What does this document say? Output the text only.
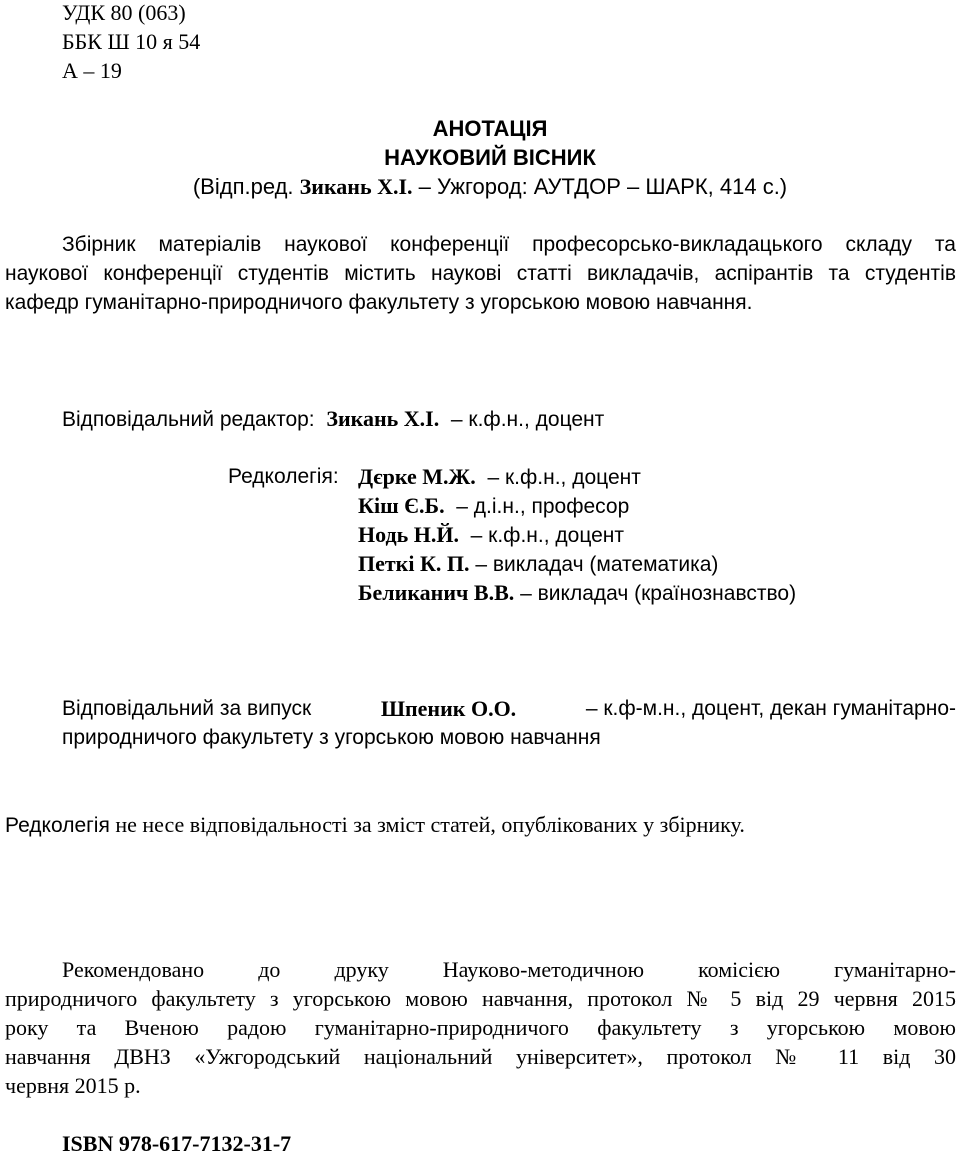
УДК 80 (063)
ББК Ш 10 я 54
А – 19
АНОТАЦІЯ
НАУКОВИЙ ВІСНИК
(Відп.ред. Зикань Х.І. – Ужгород: АУТДОР – ШАРК, 414 с.)
Збірник матеріалів наукової конференції професорсько-викладацького складу та
наукової конференції студентів містить наукові статті викладачів, аспірантів та студентів
кафедр гуманітарно-природничого факультету з угорською мовою навчання.
Відповідальний редактор: Зикань Х.І. – к.ф.н., доцент
Редколегія: Дєрке М.Ж. – к.ф.н., доцент
Кіш Є.Б. – д.і.н., професор
Нодь Н.Й. – к.ф.н., доцент
Петкі К. П. – викладач (математика)
Беликанич В.В. – викладач (країнознавство)
Відповідальний за випуск	Шпеник О.О.	– к.ф-м.н., доцент, декан гуманітарно-
природничого факультету з угорською мовою навчання
Редколегія не несе відповідальності за зміст статей, опублікованих у збірнику.
Рекомендовано до друку Науково-методичною комісією гуманітарно-
природничого факультету з угорською мовою навчання, протокол № 5 від 29 червня 2015
року та Вченою радою гуманітарно-природничого факультету з угорською мовою
навчання ДВНЗ «Ужгородський національний університет», протокол № 11 від 30
червня 2015 р.
ISBN 978-617-7132-31-7
